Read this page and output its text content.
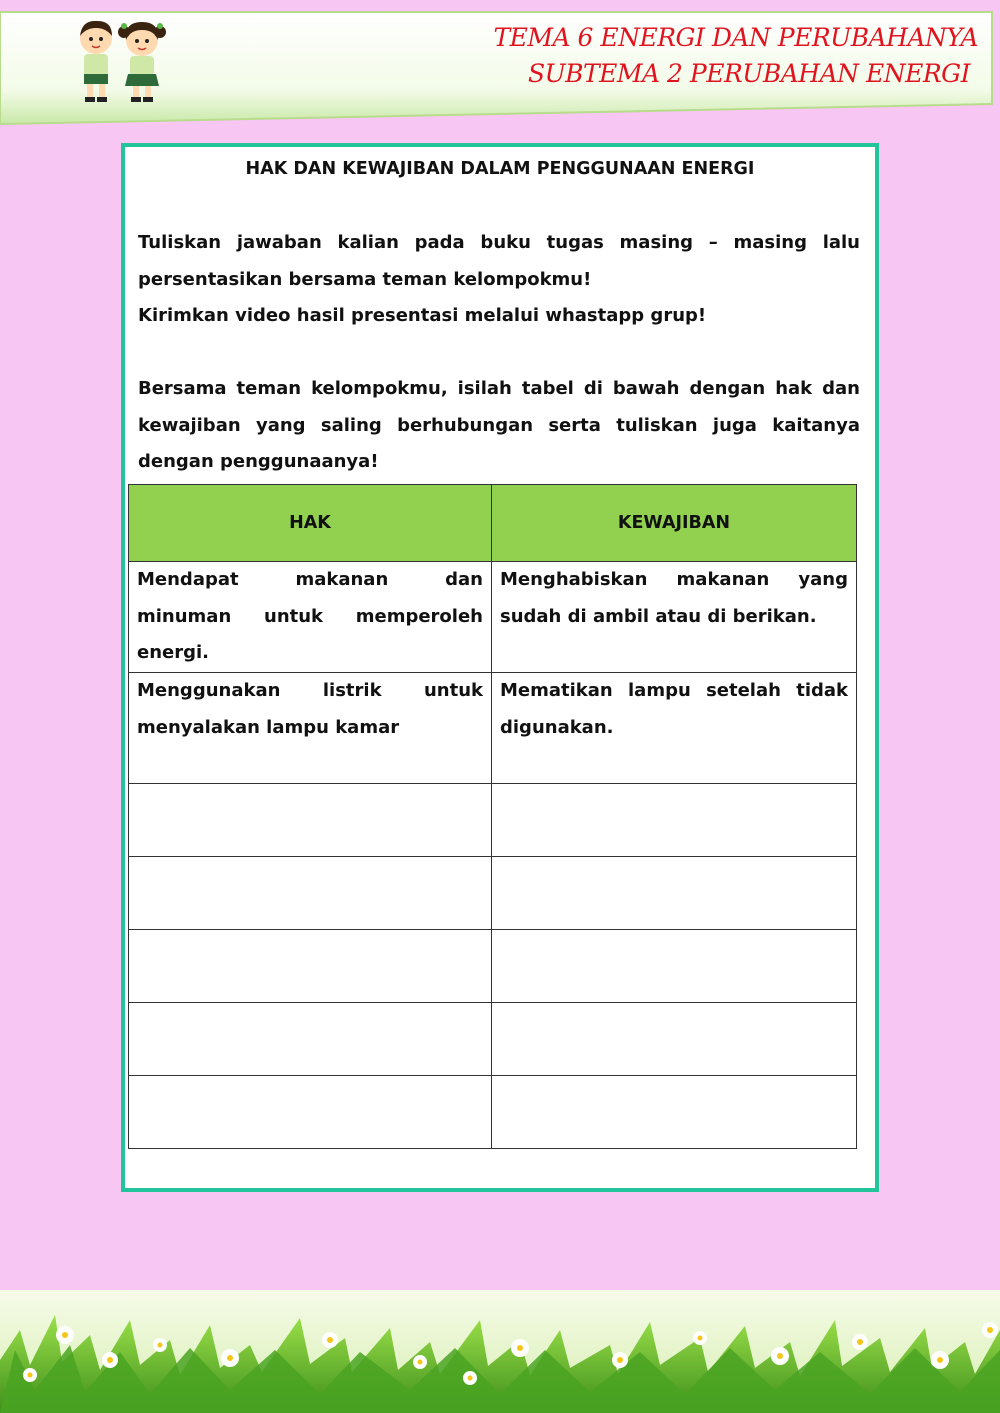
TEMA 6 ENERGI DAN PERUBAHANYA
SUBTEMA 2 PERUBAHAN ENERGI
HAK DAN KEWAJIBAN DALAM PENGGUNAAN ENERGI
Tuliskan jawaban kalian pada buku tugas masing – masing lalu
persentasikan bersama teman kelompokmu!
Kirimkan video hasil presentasi melalui whastapp grup!
Bersama teman kelompokmu, isilah tabel di bawah dengan hak dan
kewajiban yang saling berhubungan serta tuliskan juga kaitanya
dengan penggunaanya!
HAK	KEWAJIBAN

Mendapat makanan dan
minuman untuk memperoleh
energi.	Menghabiskan makanan yang
sudah di ambil atau di berikan.

Menggunakan listrik untuk
menyalakan lampu kamar	Mematikan lampu setelah tidak
digunakan.
